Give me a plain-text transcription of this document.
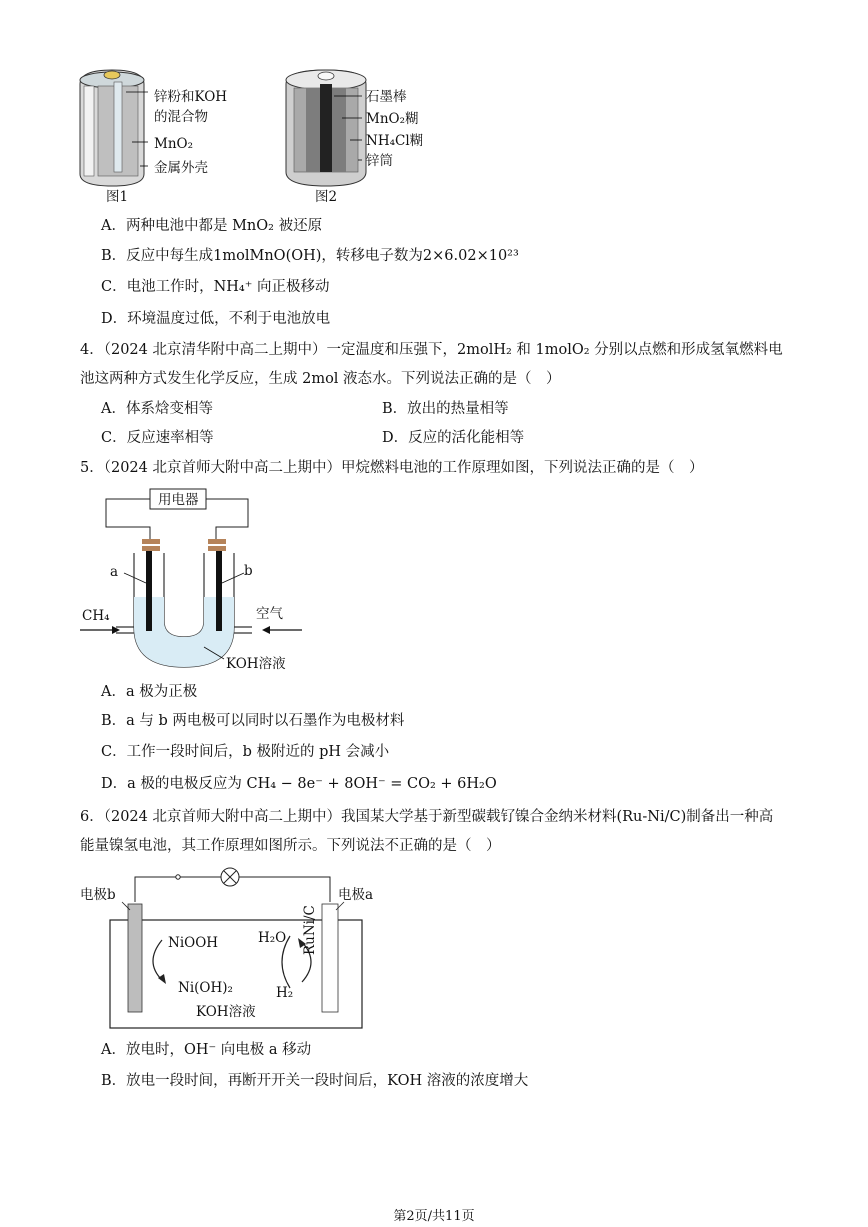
锌粉和KOH
的混合物
MnO₂
金属外壳
图1
石墨棒
MnO₂糊
NH₄Cl糊
锌筒
图2
A．两种电池中都是 MnO₂ 被还原
B．反应中每生成1molMnO(OH)，转移电子数为2×6.02×10²³
C．电池工作时，NH₄⁺ 向正极移动
D．环境温度过低，不利于电池放电
4．（2024 北京清华附中高二上期中）一定温度和压强下，2molH₂ 和 1molO₂ 分别以点燃和形成氢氧燃料电
池这两种方式发生化学反应，生成 2mol 液态水。下列说法正确的是（　）
A．体系焓变相等	B．放出的热量相等
C．反应速率相等	D．反应的活化能相等
5．（2024 北京首师大附中高二上期中）甲烷燃料电池的工作原理如图，下列说法正确的是（　）
用电器
a	b
CH₄	空气
KOH溶液
A．a 极为正极
B．a 与 b 两电极可以同时以石墨作为电极材料
C．工作一段时间后，b 极附近的 pH 会减小
D．a 极的电极反应为 CH₄ − 8e⁻ + 8OH⁻ = CO₂ + 6H₂O
6．（2024 北京首师大附中高二上期中）我国某大学基于新型碳载钌镍合金纳米材料(Ru-Ni/C)制备出一种高
能量镍氢电池，其工作原理如图所示。下列说法不正确的是（　）
电极b	电极a
NiOOH
Ni(OH)₂
H₂O
H₂
RuNi/C
KOH溶液
A．放电时，OH⁻ 向电极 a 移动
B．放电一段时间，再断开开关一段时间后，KOH 溶液的浓度增大
第2页/共11页
